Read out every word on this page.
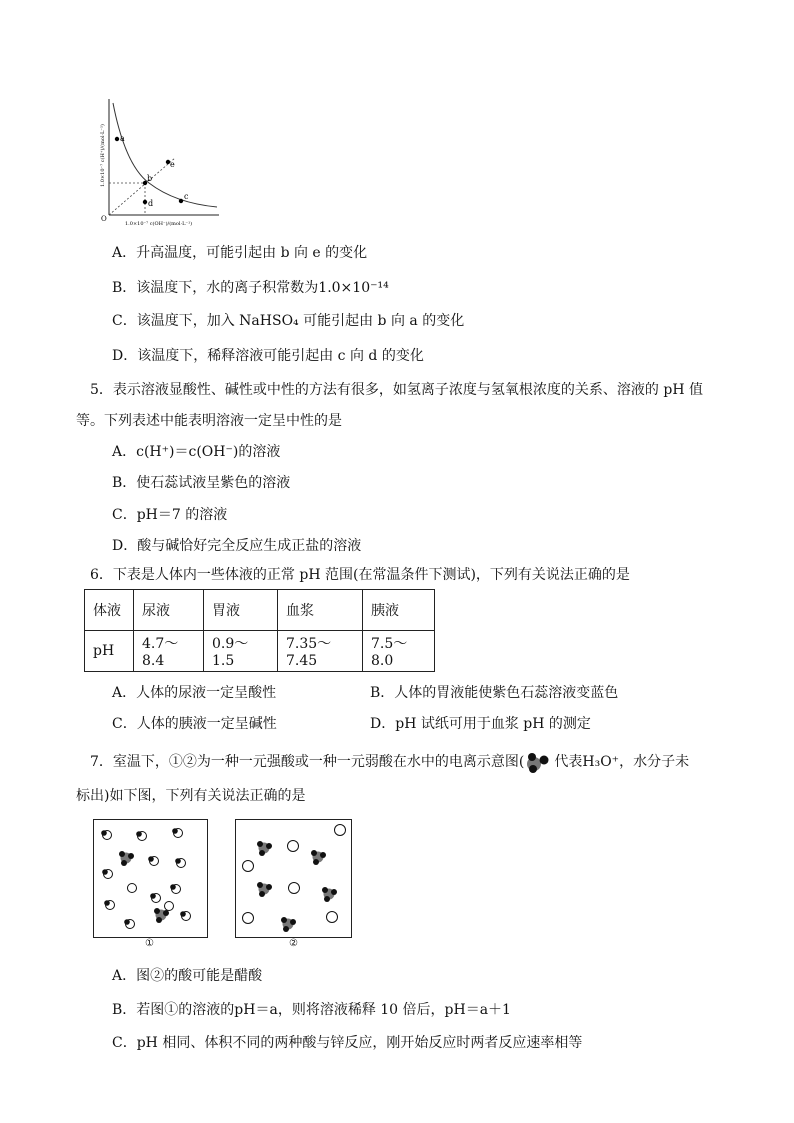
a
b
c
d
e
O
1.0×10⁻⁷ c(OH⁻)/(mol·L⁻¹)
1.0×10⁻⁷ c(H⁺)/(mol·L⁻¹)
A．升高温度，可能引起由 b 向 e 的变化
B．该温度下，水的离子积常数为1.0×10⁻¹⁴
C．该温度下，加入 NaHSO₄ 可能引起由 b 向 a 的变化
D．该温度下，稀释溶液可能引起由 c 向 d 的变化
5．表示溶液显酸性、碱性或中性的方法有很多，如氢离子浓度与氢氧根浓度的关系、溶液的 pH 值
等。下列表述中能表明溶液一定呈中性的是
A．c(H⁺)＝c(OH⁻)的溶液
B．使石蕊试液呈紫色的溶液
C．pH＝7 的溶液
D．酸与碱恰好完全反应生成正盐的溶液
6．下表是人体内一些体液的正常 pH 范围(在常温条件下测试)，下列有关说法正确的是
体液	尿液	胃液	血浆	胰液
pH	4.7～8.4	0.9～1.5	7.35～7.45	7.5～8.0
A．人体的尿液一定呈酸性	B．人体的胃液能使紫色石蕊溶液变蓝色
C．人体的胰液一定呈碱性	D．pH 试纸可用于血浆 pH 的测定
7．室温下，①②为一种一元强酸或一种一元弱酸在水中的电离示意图( 代表H₃O⁺，水分子未
标出)如下图，下列有关说法正确的是
①	②
A．图②的酸可能是醋酸
B．若图①的溶液的pH＝a，则将溶液稀释 10 倍后，pH＝a＋1
C．pH 相同、体积不同的两种酸与锌反应，刚开始反应时两者反应速率相等
